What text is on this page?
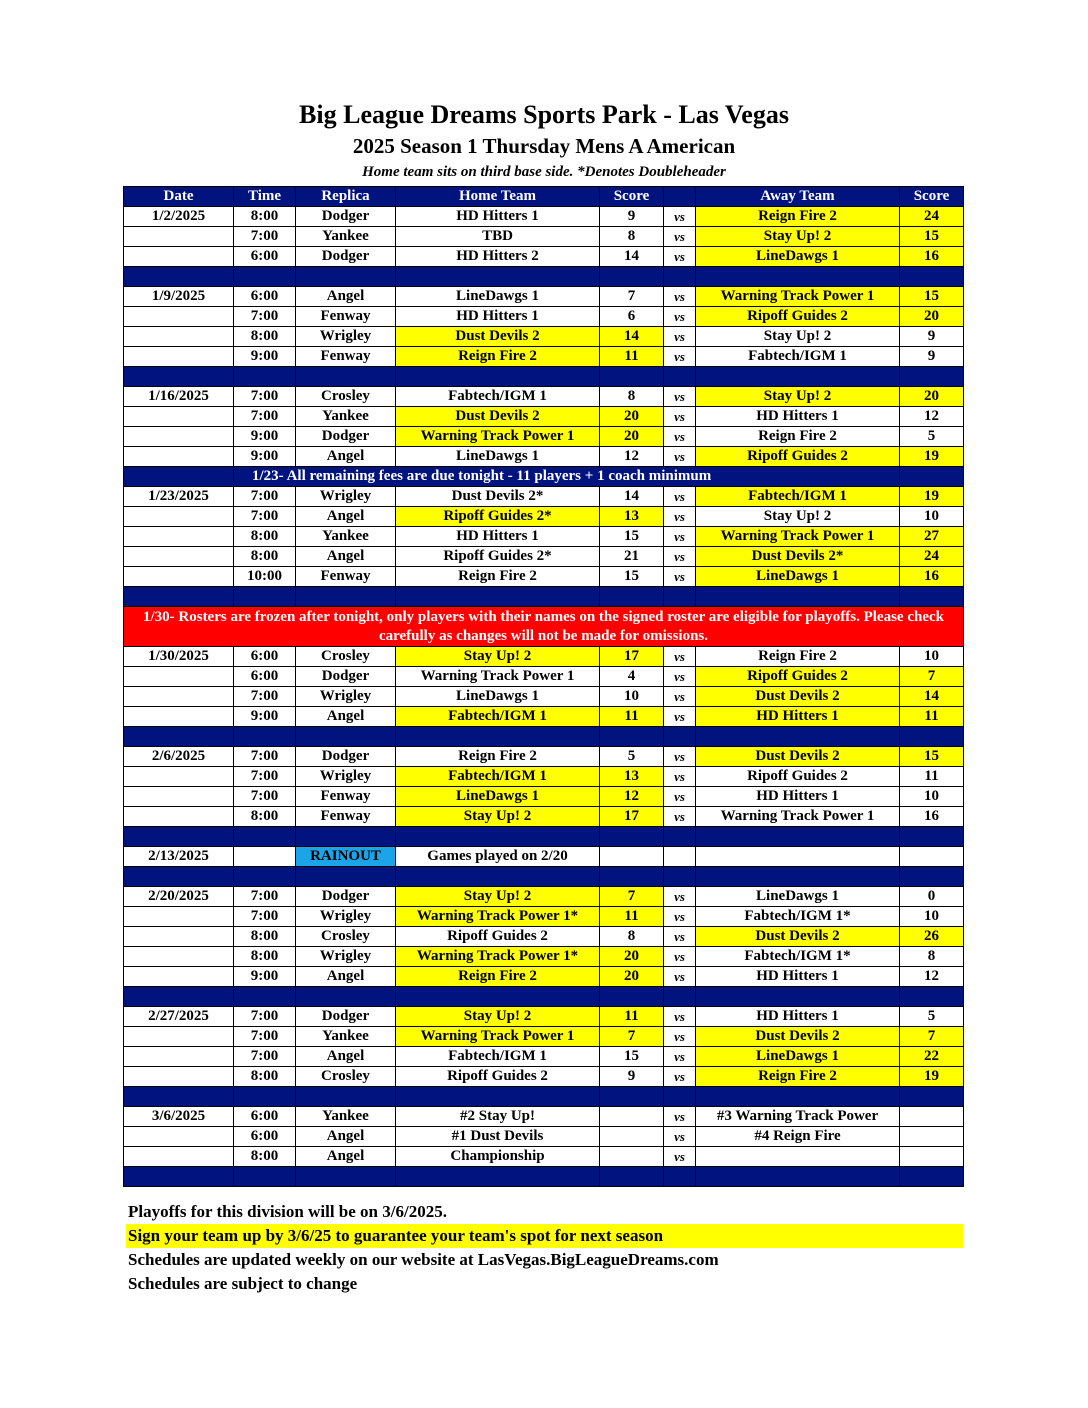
Big League Dreams Sports Park - Las Vegas
2025 Season 1 Thursday Mens A American
Home team sits on third base side. *Denotes Doubleheader
Date	Time	Replica	Home Team	Score		Away Team	Score
1/2/2025	8:00	Dodger	HD Hitters 1	9	vs	Reign Fire 2	24
	7:00	Yankee	TBD	8	vs	Stay Up! 2	15
	6:00	Dodger	HD Hitters 2	14	vs	LineDawgs 1	16

1/9/2025	6:00	Angel	LineDawgs 1	7	vs	Warning Track Power 1	15
	7:00	Fenway	HD Hitters 1	6	vs	Ripoff Guides 2	20
	8:00	Wrigley	Dust Devils 2	14	vs	Stay Up! 2	9
	9:00	Fenway	Reign Fire 2	11	vs	Fabtech/IGM 1	9

1/16/2025	7:00	Crosley	Fabtech/IGM 1	8	vs	Stay Up! 2	20
	7:00	Yankee	Dust Devils 2	20	vs	HD Hitters 1	12
	9:00	Dodger	Warning Track Power 1	20	vs	Reign Fire 2	5
	9:00	Angel	LineDawgs 1	12	vs	Ripoff Guides 2	19
	1/23- All remaining fees are due tonight - 11 players + 1 coach minimum						
1/23/2025	7:00	Wrigley	Dust Devils 2*	14	vs	Fabtech/IGM 1	19
	7:00	Angel	Ripoff Guides 2*	13	vs	Stay Up! 2	10
	8:00	Yankee	HD Hitters 1	15	vs	Warning Track Power 1	27
	8:00	Angel	Ripoff Guides 2*	21	vs	Dust Devils 2*	24
	10:00	Fenway	Reign Fire 2	15	vs	LineDawgs 1	16

1/30- Rosters are frozen after tonight, only players with their names on the signed roster are eligible for playoffs. Please check carefully as changes will not be made for omissions.							
1/30/2025	6:00	Crosley	Stay Up! 2	17	vs	Reign Fire 2	10
	6:00	Dodger	Warning Track Power 1	4	vs	Ripoff Guides 2	7
	7:00	Wrigley	LineDawgs 1	10	vs	Dust Devils 2	14
	9:00	Angel	Fabtech/IGM 1	11	vs	HD Hitters 1	11

2/6/2025	7:00	Dodger	Reign Fire 2	5	vs	Dust Devils 2	15
	7:00	Wrigley	Fabtech/IGM 1	13	vs	Ripoff Guides 2	11
	7:00	Fenway	LineDawgs 1	12	vs	HD Hitters 1	10
	8:00	Fenway	Stay Up! 2	17	vs	Warning Track Power 1	16

2/13/2025		RAINOUT	Games played on 2/20				

2/20/2025	7:00	Dodger	Stay Up! 2	7	vs	LineDawgs 1	0
	7:00	Wrigley	Warning Track Power 1*	11	vs	Fabtech/IGM 1*	10
	8:00	Crosley	Ripoff Guides 2	8	vs	Dust Devils 2	26
	8:00	Wrigley	Warning Track Power 1*	20	vs	Fabtech/IGM 1*	8
	9:00	Angel	Reign Fire 2	20	vs	HD Hitters 1	12

2/27/2025	7:00	Dodger	Stay Up! 2	11	vs	HD Hitters 1	5
	7:00	Yankee	Warning Track Power 1	7	vs	Dust Devils 2	7
	7:00	Angel	Fabtech/IGM 1	15	vs	LineDawgs 1	22
	8:00	Crosley	Ripoff Guides 2	9	vs	Reign Fire 2	19

3/6/2025	6:00	Yankee	#2 Stay Up!		vs	#3 Warning Track Power	
	6:00	Angel	#1 Dust Devils		vs	#4 Reign Fire	
	8:00	Angel	Championship		vs		

Playoffs for this division will be on 3/6/2025.
Sign your team up by 3/6/25 to guarantee your team's spot for next season
Schedules are updated weekly on our website at LasVegas.BigLeagueDreams.com
Schedules are subject to change
